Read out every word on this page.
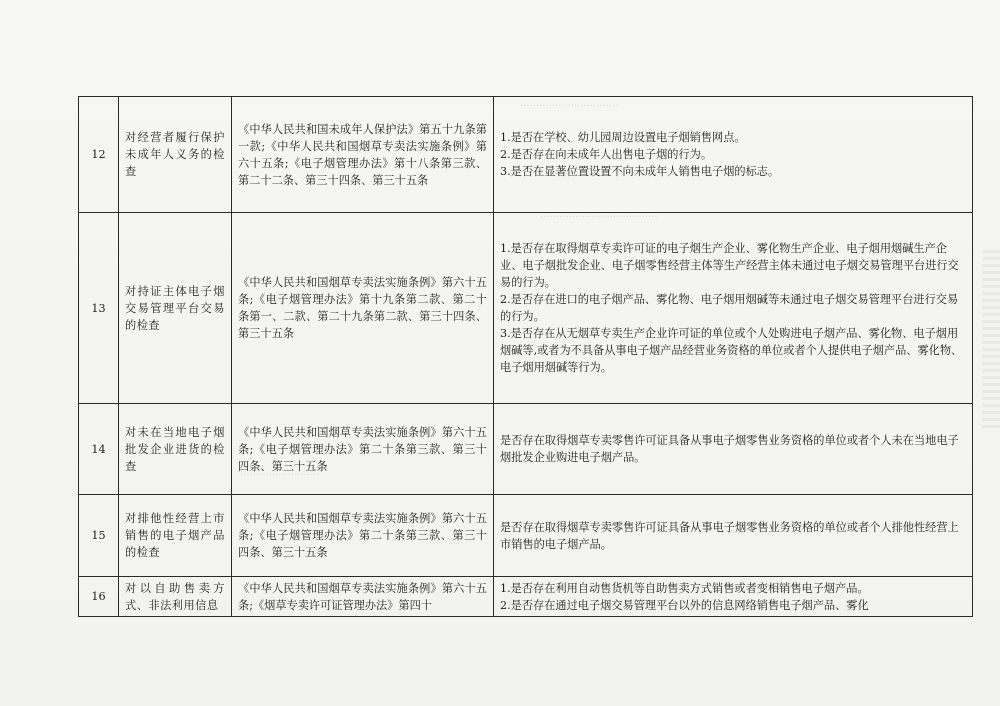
·······························
·····································
·························
12	对经营者履行保护未成年人义务的检查	《中华人民共和国未成年人保护法》第五十九条第一款;《中华人民共和国烟草专卖法实施条例》第六十五条;《电子烟管理办法》第十八条第三款、第二十二条、第三十四条、第三十五条	1.是否在学校、幼儿园周边设置电子烟销售网点。
2.是否存在向未成年人出售电子烟的行为。
3.是否在显著位置设置不向未成年人销售电子烟的标志。

13	对持证主体电子烟交易管理平台交易的检查	《中华人民共和国烟草专卖法实施条例》第六十五条;《电子烟管理办法》第十九条第二款、第二十条第一、二款、第二十九条第二款、第三十四条、第三十五条	1.是否存在取得烟草专卖许可证的电子烟生产企业、雾化物生产企业、电子烟用烟碱生产企业、电子烟批发企业、电子烟零售经营主体等生产经营主体未通过电子烟交易管理平台进行交易的行为。
2.是否存在进口的电子烟产品、雾化物、电子烟用烟碱等未通过电子烟交易管理平台进行交易的行为。
3.是否存在从无烟草专卖生产企业许可证的单位或个人处购进电子烟产品、雾化物、电子烟用烟碱等,或者为不具备从事电子烟产品经营业务资格的单位或者个人提供电子烟产品、雾化物、电子烟用烟碱等行为。

14	对未在当地电子烟批发企业进货的检查	《中华人民共和国烟草专卖法实施条例》第六十五条;《电子烟管理办法》第二十条第三款、第三十四条、第三十五条	是否存在取得烟草专卖零售许可证具备从事电子烟零售业务资格的单位或者个人未在当地电子烟批发企业购进电子烟产品。

15	对排他性经营上市销售的电子烟产品的检查	《中华人民共和国烟草专卖法实施条例》第六十五条;《电子烟管理办法》第二十条第三款、第三十四条、第三十五条	是否存在取得烟草专卖零售许可证具备从事电子烟零售业务资格的单位或者个人排他性经营上市销售的电子烟产品。

16	对以自助售卖方式、非法利用信息	《中华人民共和国烟草专卖法实施条例》第六十五条;《烟草专卖许可证管理办法》第四十	1.是否存在利用自动售货机等自助售卖方式销售或者变相销售电子烟产品。
2.是否存在通过电子烟交易管理平台以外的信息网络销售电子烟产品、雾化
